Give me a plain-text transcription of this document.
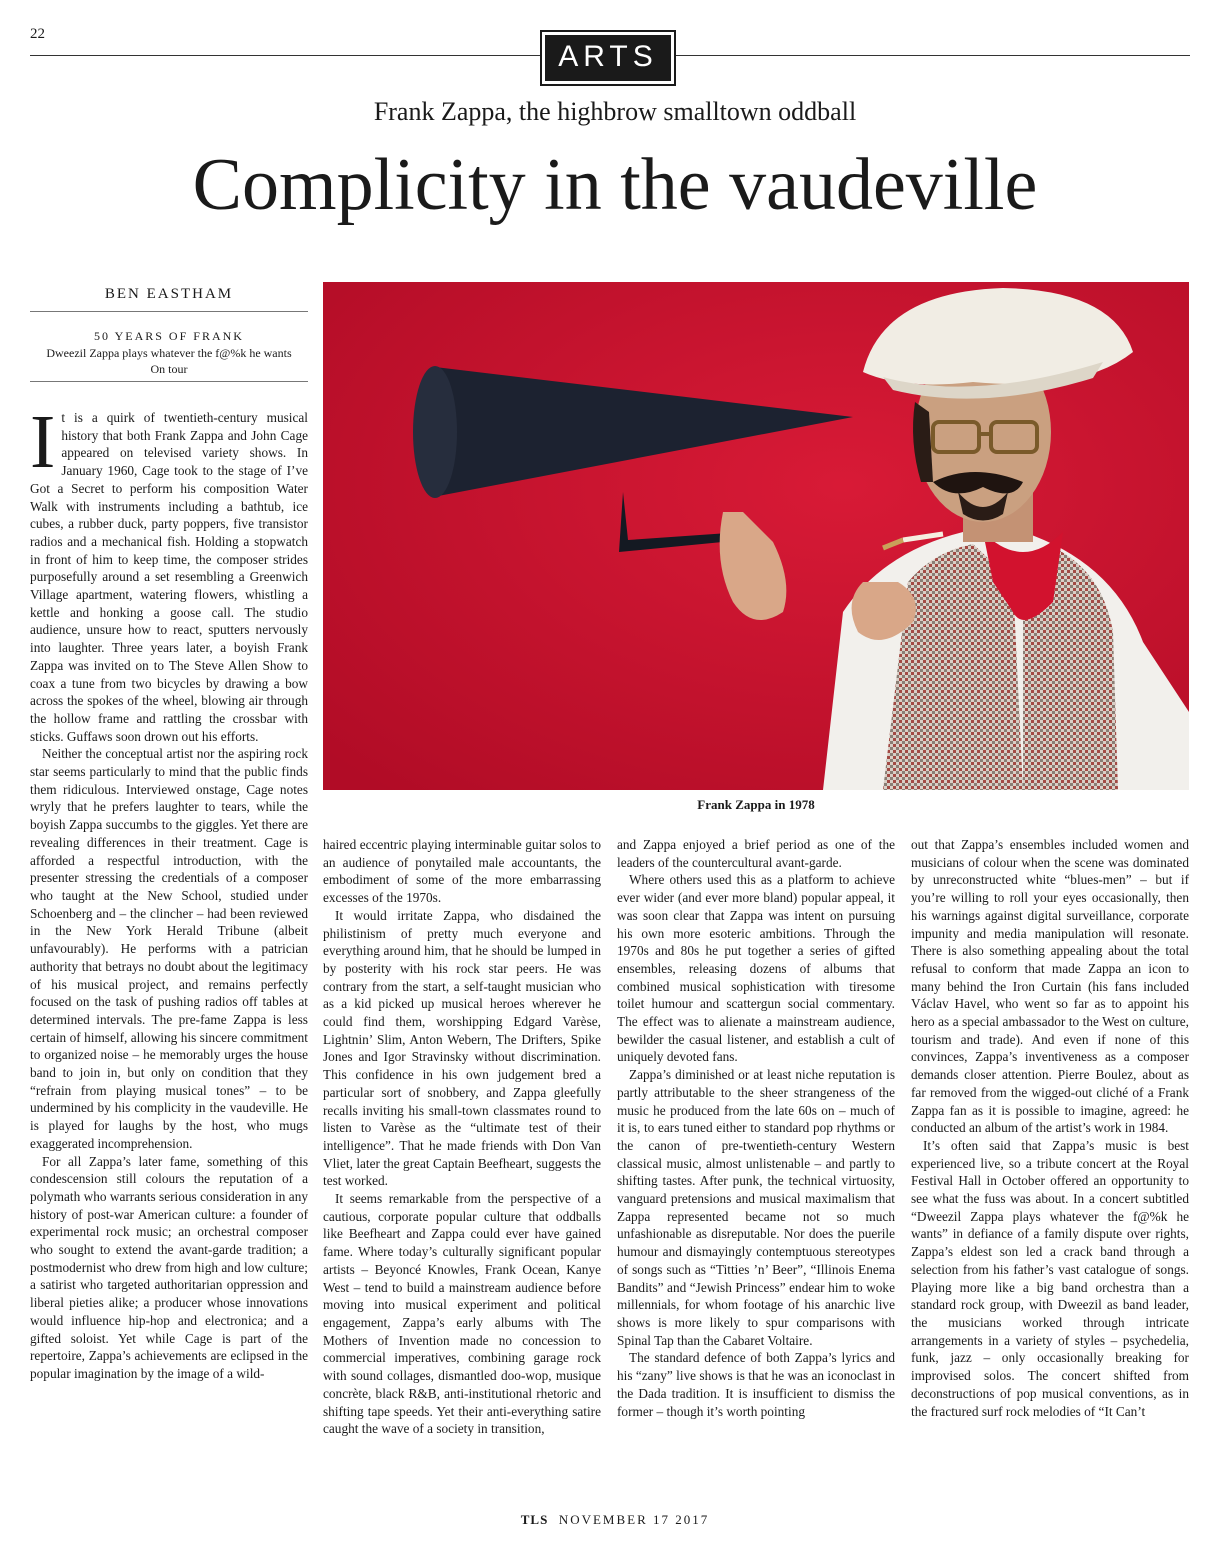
22
ARTS
Frank Zappa, the highbrow smalltown oddball
Complicity in the vaudeville
BEN EASTHAM
50 YEARS OF FRANK
Dweezil Zappa plays whatever the f@%k he wants
On tour

It is a quirk of twentieth-century musical history that both Frank Zappa and John Cage appeared on televised variety shows. In January 1960, Cage took to the stage of I’ve Got a Secret to perform his composition Water Walk with instruments including a bathtub, ice cubes, a rubber duck, party poppers, five transistor radios and a mechanical fish. Holding a stopwatch in front of him to keep time, the composer strides purposefully around a set resembling a Greenwich Village apartment, watering flowers, whistling a kettle and honking a goose call. The studio audience, unsure how to react, sputters nervously into laughter. Three years later, a boyish Frank Zappa was invited on to The Steve Allen Show to coax a tune from two bicycles by drawing a bow across the spokes of the wheel, blowing air through the hollow frame and rattling the crossbar with sticks. Guffaws soon drown out his efforts.

Neither the conceptual artist nor the aspiring rock star seems particularly to mind that the public finds them ridiculous. Interviewed onstage, Cage notes wryly that he prefers laughter to tears, while the boyish Zappa succumbs to the giggles. Yet there are revealing differences in their treatment. Cage is afforded a respectful introduction, with the presenter stressing the credentials of a composer who taught at the New School, studied under Schoenberg and – the clincher – had been reviewed in the New York Herald Tribune (albeit unfavourably). He performs with a patrician authority that betrays no doubt about the legitimacy of his musical project, and remains perfectly focused on the task of pushing radios off tables at determined intervals. The pre-fame Zappa is less certain of himself, allowing his sincere commitment to organized noise – he memorably urges the house band to join in, but only on condition that they “refrain from playing musical tones” – to be undermined by his complicity in the vaudeville. He is played for laughs by the host, who mugs exaggerated incomprehension.

For all Zappa’s later fame, something of this condescension still colours the reputation of a polymath who warrants serious consideration in any history of post-war American culture: a founder of experimental rock music; an orchestral composer who sought to extend the avant-garde tradition; a postmodernist who drew from high and low culture; a satirist who targeted authoritarian oppression and liberal pieties alike; a producer whose innovations would influence hip-hop and electronica; and a gifted soloist. Yet while Cage is part of the repertoire, Zappa’s achievements are eclipsed in the popular imagination by the image of a wild-

Frank Zappa in 1978

haired eccentric playing interminable guitar solos to an audience of ponytailed male accountants, the embodiment of some of the more embarrassing excesses of the 1970s.

It would irritate Zappa, who disdained the philistinism of pretty much everyone and everything around him, that he should be lumped in by posterity with his rock star peers. He was contrary from the start, a self-taught musician who as a kid picked up musical heroes wherever he could find them, worshipping Edgard Varèse, Lightnin’ Slim, Anton Webern, The Drifters, Spike Jones and Igor Stravinsky without discrimination. This confidence in his own judgement bred a particular sort of snobbery, and Zappa gleefully recalls inviting his small-town classmates round to listen to Varèse as the “ultimate test of their intelligence”. That he made friends with Don Van Vliet, later the great Captain Beefheart, suggests the test worked.

It seems remarkable from the perspective of a cautious, corporate popular culture that oddballs like Beefheart and Zappa could ever have gained fame. Where today’s culturally significant popular artists – Beyoncé Knowles, Frank Ocean, Kanye West – tend to build a mainstream audience before moving into musical experiment and political engagement, Zappa’s early albums with The Mothers of Invention made no concession to commercial imperatives, combining garage rock with sound collages, dismantled doo-wop, musique concrète, black R&B, anti-institutional rhetoric and shifting tape speeds. Yet their anti-everything satire caught the wave of a society in transition,

and Zappa enjoyed a brief period as one of the leaders of the countercultural avant-garde.

Where others used this as a platform to achieve ever wider (and ever more bland) popular appeal, it was soon clear that Zappa was intent on pursuing his own more esoteric ambitions. Through the 1970s and 80s he put together a series of gifted ensembles, releasing dozens of albums that combined musical sophistication with tiresome toilet humour and scattergun social commentary. The effect was to alienate a mainstream audience, bewilder the casual listener, and establish a cult of uniquely devoted fans.

Zappa’s diminished or at least niche reputation is partly attributable to the sheer strangeness of the music he produced from the late 60s on – much of it is, to ears tuned either to standard pop rhythms or the canon of pre-twentieth-century Western classical music, almost unlistenable – and partly to shifting tastes. After punk, the technical virtuosity, vanguard pretensions and musical maximalism that Zappa represented became not so much unfashionable as disreputable. Nor does the puerile humour and dismayingly contemptuous stereotypes of songs such as “Titties ’n’ Beer”, “Illinois Enema Bandits” and “Jewish Princess” endear him to woke millennials, for whom footage of his anarchic live shows is more likely to spur comparisons with Spinal Tap than the Cabaret Voltaire.

The standard defence of both Zappa’s lyrics and his “zany” live shows is that he was an iconoclast in the Dada tradition. It is insufficient to dismiss the former – though it’s worth pointing

out that Zappa’s ensembles included women and musicians of colour when the scene was dominated by unreconstructed white “blues-men” – but if you’re willing to roll your eyes occasionally, then his warnings against digital surveillance, corporate impunity and media manipulation will resonate. There is also something appealing about the total refusal to conform that made Zappa an icon to many behind the Iron Curtain (his fans included Václav Havel, who went so far as to appoint his hero as a special ambassador to the West on culture, tourism and trade). And even if none of this convinces, Zappa’s inventiveness as a composer demands closer attention. Pierre Boulez, about as far removed from the wigged-out cliché of a Frank Zappa fan as it is possible to imagine, agreed: he conducted an album of the artist’s work in 1984.

It’s often said that Zappa’s music is best experienced live, so a tribute concert at the Royal Festival Hall in October offered an opportunity to see what the fuss was about. In a concert subtitled “Dweezil Zappa plays whatever the f@%k he wants” in defiance of a family dispute over rights, Zappa’s eldest son led a crack band through a selection from his father’s vast catalogue of songs. Playing more like a big band orchestra than a standard rock group, with Dweezil as band leader, the musicians worked through intricate arrangements in a variety of styles – psychedelia, funk, jazz – only occasionally breaking for improvised solos. The concert shifted from deconstructions of pop musical conventions, as in the fractured surf rock melodies of “It Can’t

TLS NOVEMBER 17 2017
